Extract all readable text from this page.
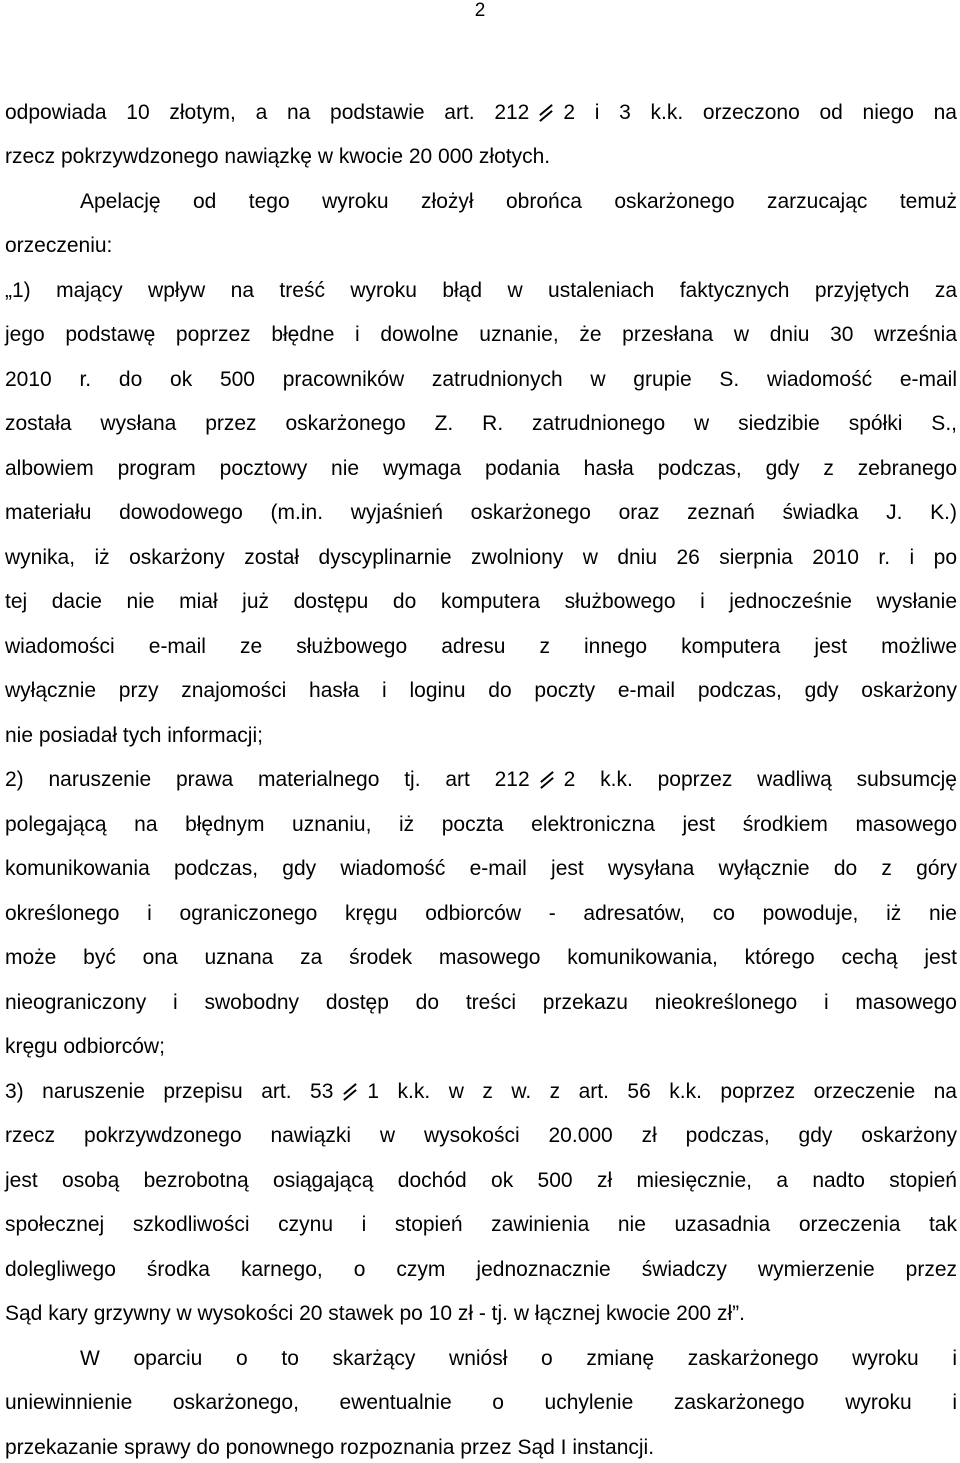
2
odpowiada 10 złotym, a na podstawie art. 212 2 i 3 k.k. orzeczono od niego na
rzecz pokrzywdzonego nawiązkę w kwocie 20 000 złotych.
Apelację od tego wyroku złożył obrońca oskarżonego zarzucając temuż
orzeczeniu:
„1) mający wpływ na treść wyroku błąd w ustaleniach faktycznych przyjętych za
jego podstawę poprzez błędne i dowolne uznanie, że przesłana w dniu 30 września
2010 r. do ok 500 pracowników zatrudnionych w grupie S. wiadomość e-mail
została wysłana przez oskarżonego Z. R. zatrudnionego w siedzibie spółki S.,
albowiem program pocztowy nie wymaga podania hasła podczas, gdy z zebranego
materiału dowodowego (m.in. wyjaśnień oskarżonego oraz zeznań świadka J. K.)
wynika, iż oskarżony został dyscyplinarnie zwolniony w dniu 26 sierpnia 2010 r. i po
tej dacie nie miał już dostępu do komputera służbowego i jednocześnie wysłanie
wiadomości e-mail ze służbowego adresu z innego komputera jest możliwe
wyłącznie przy znajomości hasła i loginu do poczty e-mail podczas, gdy oskarżony
nie posiadał tych informacji;
2) naruszenie prawa materialnego tj. art 212 2 k.k. poprzez wadliwą subsumcję
polegającą na błędnym uznaniu, iż poczta elektroniczna jest środkiem masowego
komunikowania podczas, gdy wiadomość e-mail jest wysyłana wyłącznie do z góry
określonego i ograniczonego kręgu odbiorców - adresatów, co powoduje, iż nie
może być ona uznana za środek masowego komunikowania, którego cechą jest
nieograniczony i swobodny dostęp do treści przekazu nieokreślonego i masowego
kręgu odbiorców;
3) naruszenie przepisu art. 53 1 k.k. w z w. z art. 56 k.k. poprzez orzeczenie na
rzecz pokrzywdzonego nawiązki w wysokości 20.000 zł podczas, gdy oskarżony
jest osobą bezrobotną osiągającą dochód ok 500 zł miesięcznie, a nadto stopień
społecznej szkodliwości czynu i stopień zawinienia nie uzasadnia orzeczenia tak
dolegliwego środka karnego, o czym jednoznacznie świadczy wymierzenie przez
Sąd kary grzywny w wysokości 20 stawek po 10 zł - tj. w łącznej kwocie 200 zł”.
W oparciu o to skarżący wniósł o zmianę zaskarżonego wyroku i
uniewinnienie oskarżonego, ewentualnie o uchylenie zaskarżonego wyroku i
przekazanie sprawy do ponownego rozpoznania przez Sąd I instancji.
